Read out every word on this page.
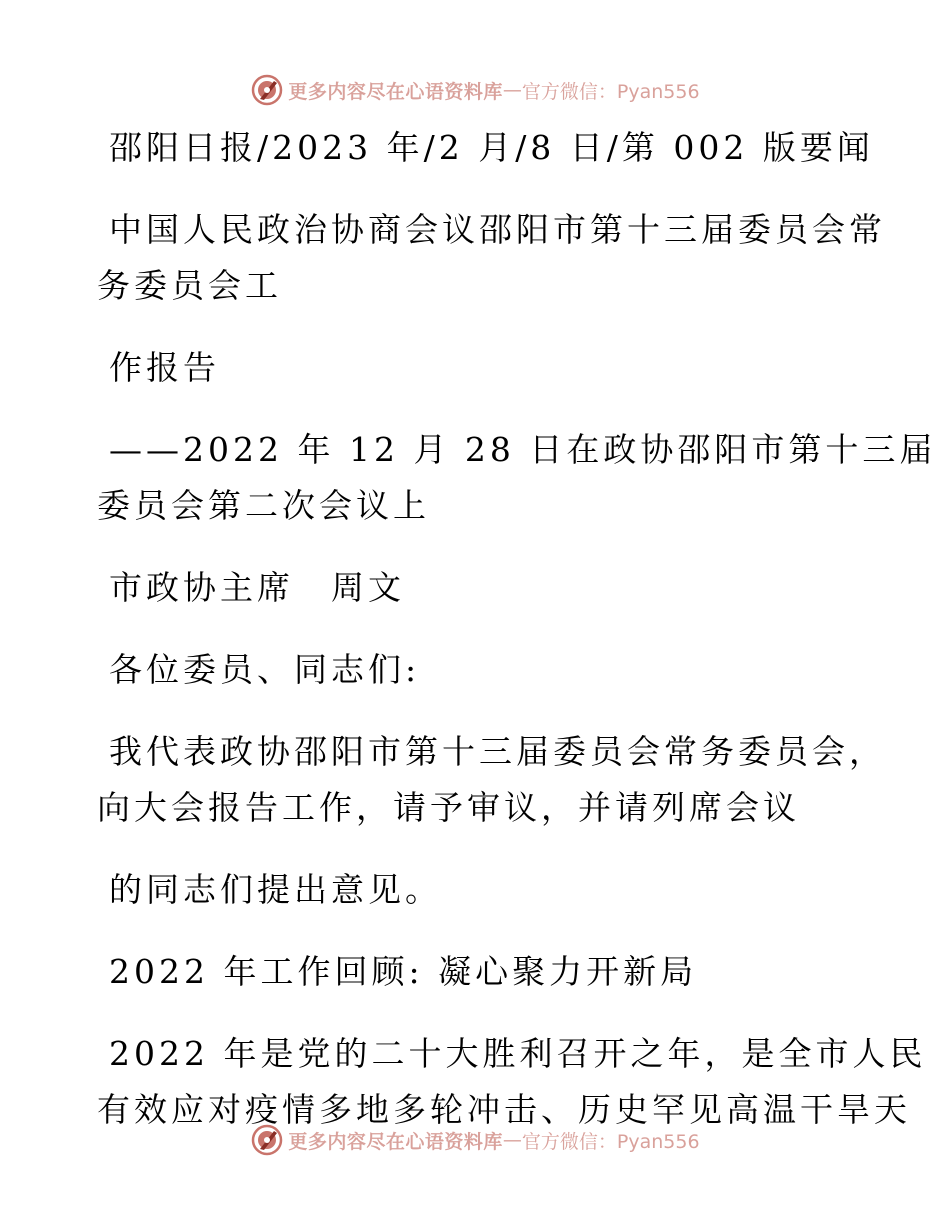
更多内容尽在心语资料库 — 官方微信：Pyan556

邵阳日报/2023 年/2 月/8 日/第 002 版要闻

中国人民政治协商会议邵阳市第十三届委员会常
务委员会工

作报告

——2022 年 12 月 28 日在政协邵阳市第十三届
委员会第二次会议上

市政协主席　周文

各位委员、同志们:

我代表政协邵阳市第十三届委员会常务委员会，
向大会报告工作，请予审议，并请列席会议

的同志们提出意见。

2022 年工作回顾: 凝心聚力开新局

2022 年是党的二十大胜利召开之年，是全市人民
有效应对疫情多地多轮冲击、历史罕见高温干旱天

更多内容尽在心语资料库 — 官方微信：Pyan556
